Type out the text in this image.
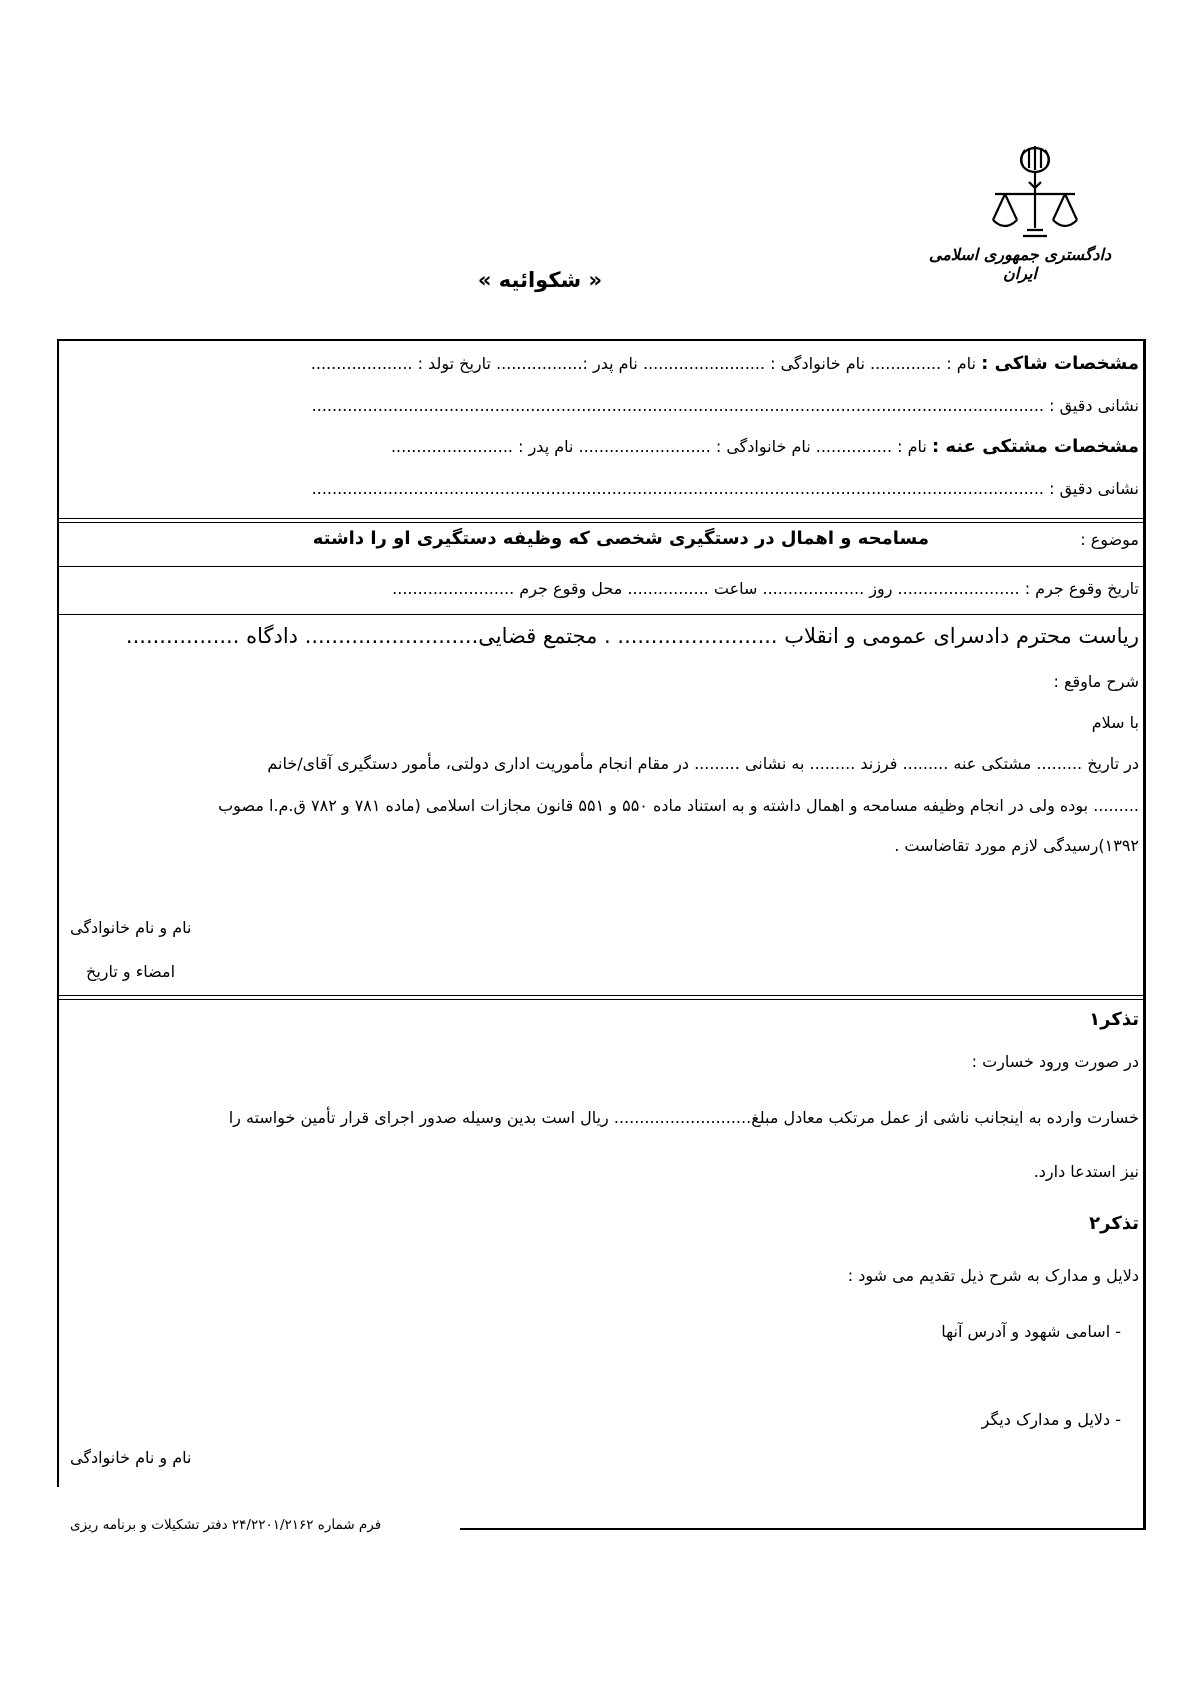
دادگستری جمهوری اسلامی ایران
« شکوائیه »
مشخصات شاکی : نام : .............. نام خانوادگی : ........................ نام پدر :................. تاریخ تولد : ....................
نشانی دقیق : ................................................................................................................................................
مشخصات مشتکی عنه : نام : ............... نام خانوادگی : .......................... نام پدر : ........................
نشانی دقیق : ................................................................................................................................................
موضوع :
مسامحه و اهمال در دستگیری شخصی که وظیفه دستگیری او را داشته
تاریخ وقوع جرم : ........................ روز .................... ساعت ................ محل وقوع جرم ........................
ریاست محترم دادسرای عمومی و انقلاب ........................ . مجتمع قضایی.......................... دادگاه .................
شرح ماوقع :
با سلام
در تاریخ ......... مشتکی عنه ......... فرزند ......... به نشانی ......... در مقام انجام مأموریت اداری دولتی، مأمور دستگیری آقای/خانم
......... بوده ولی در انجام وظیفه مسامحه و اهمال داشته و به استناد ماده ۵۵۰ و ۵۵۱ قانون مجازات اسلامی (ماده ۷۸۱ و ۷۸۲ ق.م.ا مصوب
۱۳۹۲)رسیدگی لازم مورد تقاضاست .
نام و نام خانوادگی
امضاء و تاریخ
تذکر۱
در صورت ورود خسارت :
خسارت وارده به اینجانب ناشی از عمل مرتکب معادل مبلغ........................... ریال است بدین وسیله صدور اجرای قرار تأمین خواسته را
نیز استدعا دارد.
تذکر۲
دلایل و مدارک به شرح ذیل تقدیم می شود :
- اسامی شهود و آدرس آنها
- دلایل و مدارک دیگر
نام و نام خانوادگی
فرم شماره ۲۴/۲۲۰۱/۲۱۶۲ دفتر تشکیلات و برنامه ریزی
